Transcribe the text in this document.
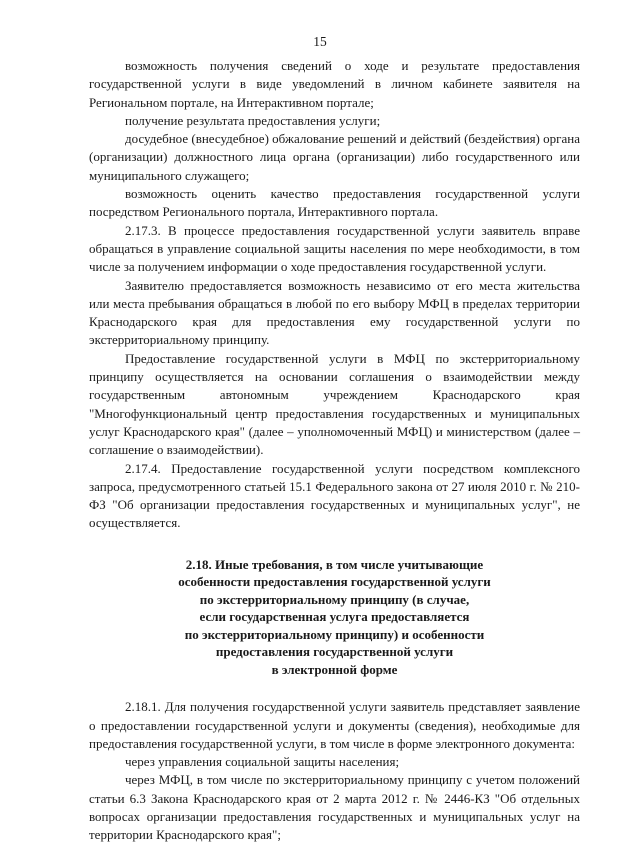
15

возможность получения сведений о ходе и результате предоставления государственной услуги в виде уведомлений в личном кабинете заявителя на Региональном портале, на Интерактивном портале;

получение результата предоставления услуги;

досудебное (внесудебное) обжалование решений и действий (бездействия) органа (организации) должностного лица органа (организации) либо государственного или муниципального служащего;

возможность оценить качество предоставления государственной услуги посредством Регионального портала, Интерактивного портала.

2.17.3. В процессе предоставления государственной услуги заявитель вправе обращаться в управление социальной защиты населения по мере необходимости, в том числе за получением информации о ходе предоставления государственной услуги.

Заявителю предоставляется возможность независимо от его места жительства или места пребывания обращаться в любой по его выбору МФЦ в пределах территории Краснодарского края для предоставления ему государственной услуги по экстерриториальному принципу.

Предоставление государственной услуги в МФЦ по экстерриториальному принципу осуществляется на основании соглашения о взаимодействии между государственным автономным учреждением Краснодарского края "Многофункциональный центр предоставления государственных и муниципальных услуг Краснодарского края" (далее – уполномоченный МФЦ) и министерством (далее – соглашение о взаимодействии).

2.17.4. Предоставление государственной услуги посредством комплексного запроса, предусмотренного статьей 15.1 Федерального закона от 27 июля 2010 г. № 210-ФЗ "Об организации предоставления государственных и муниципальных услуг", не осуществляется.

2.18. Иные требования, в том числе учитывающие
особенности предоставления государственной услуги
по экстерриториальному принципу (в случае,
если государственная услуга предоставляется
по экстерриториальному принципу) и особенности
предоставления государственной услуги
в электронной форме

2.18.1. Для получения государственной услуги заявитель представляет заявление о предоставлении государственной услуги и документы (сведения), необходимые для предоставления государственной услуги, в том числе в форме электронного документа:

через управления социальной защиты населения;

через МФЦ, в том числе по экстерриториальному принципу с учетом положений статьи 6.3 Закона Краснодарского края от 2 марта 2012 г. № 2446-КЗ "Об отдельных вопросах организации предоставления государственных и муниципальных услуг на территории Краснодарского края";
